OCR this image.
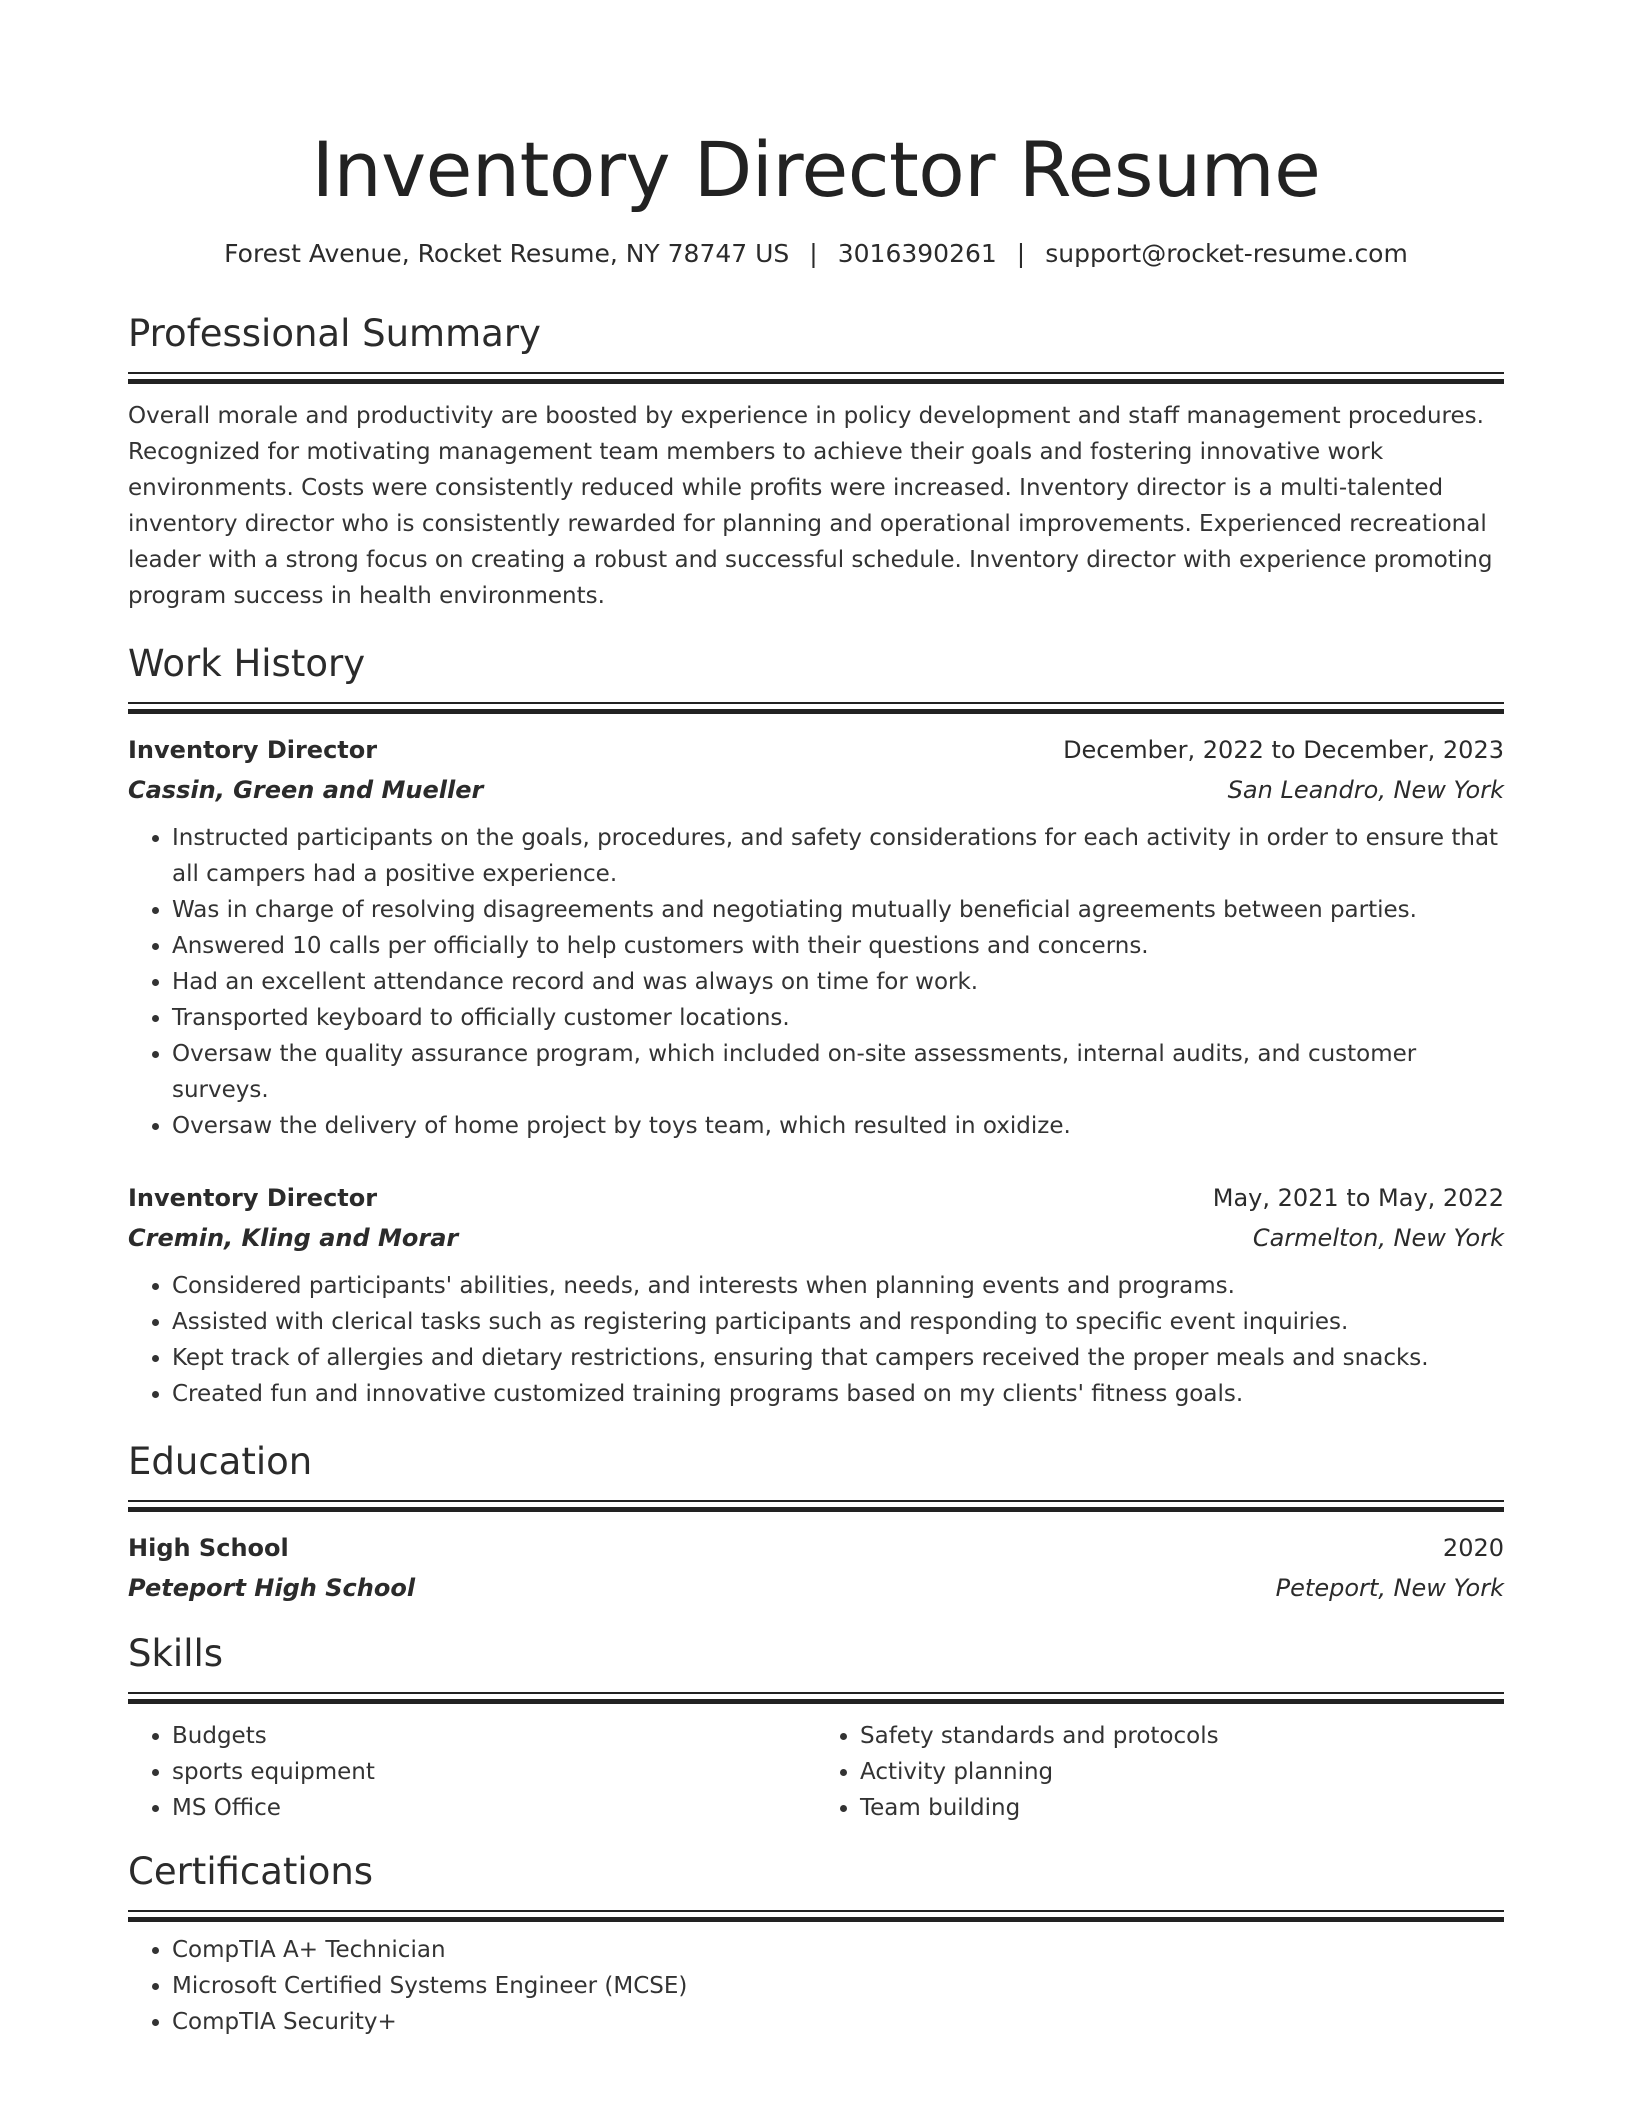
Inventory Director Resume
Forest Avenue, Rocket Resume, NY 78747 US | 3016390261 | support@rocket-resume.com
Professional Summary
Overall morale and productivity are boosted by experience in policy development and staff management procedures. Recognized for motivating management team members to achieve their goals and fostering innovative work environments. Costs were consistently reduced while profits were increased. Inventory director is a multi-talented inventory director who is consistently rewarded for planning and operational improvements. Experienced recreational leader with a strong focus on creating a robust and successful schedule. Inventory director with experience promoting program success in health environments.
Work History
Inventory Director	December, 2022 to December, 2023
Cassin, Green and Mueller	San Leandro, New York
• Instructed participants on the goals, procedures, and safety considerations for each activity in order to ensure that all campers had a positive experience.
• Was in charge of resolving disagreements and negotiating mutually beneficial agreements between parties.
• Answered 10 calls per officially to help customers with their questions and concerns.
• Had an excellent attendance record and was always on time for work.
• Transported keyboard to officially customer locations.
• Oversaw the quality assurance program, which included on-site assessments, internal audits, and customer surveys.
• Oversaw the delivery of home project by toys team, which resulted in oxidize.
Inventory Director	May, 2021 to May, 2022
Cremin, Kling and Morar	Carmelton, New York
• Considered participants' abilities, needs, and interests when planning events and programs.
• Assisted with clerical tasks such as registering participants and responding to specific event inquiries.
• Kept track of allergies and dietary restrictions, ensuring that campers received the proper meals and snacks.
• Created fun and innovative customized training programs based on my clients' fitness goals.
Education
High School	2020
Peteport High School	Peteport, New York
Skills
• Budgets
• sports equipment
• MS Office
• Safety standards and protocols
• Activity planning
• Team building
Certifications
• CompTIA A+ Technician
• Microsoft Certified Systems Engineer (MCSE)
• CompTIA Security+
